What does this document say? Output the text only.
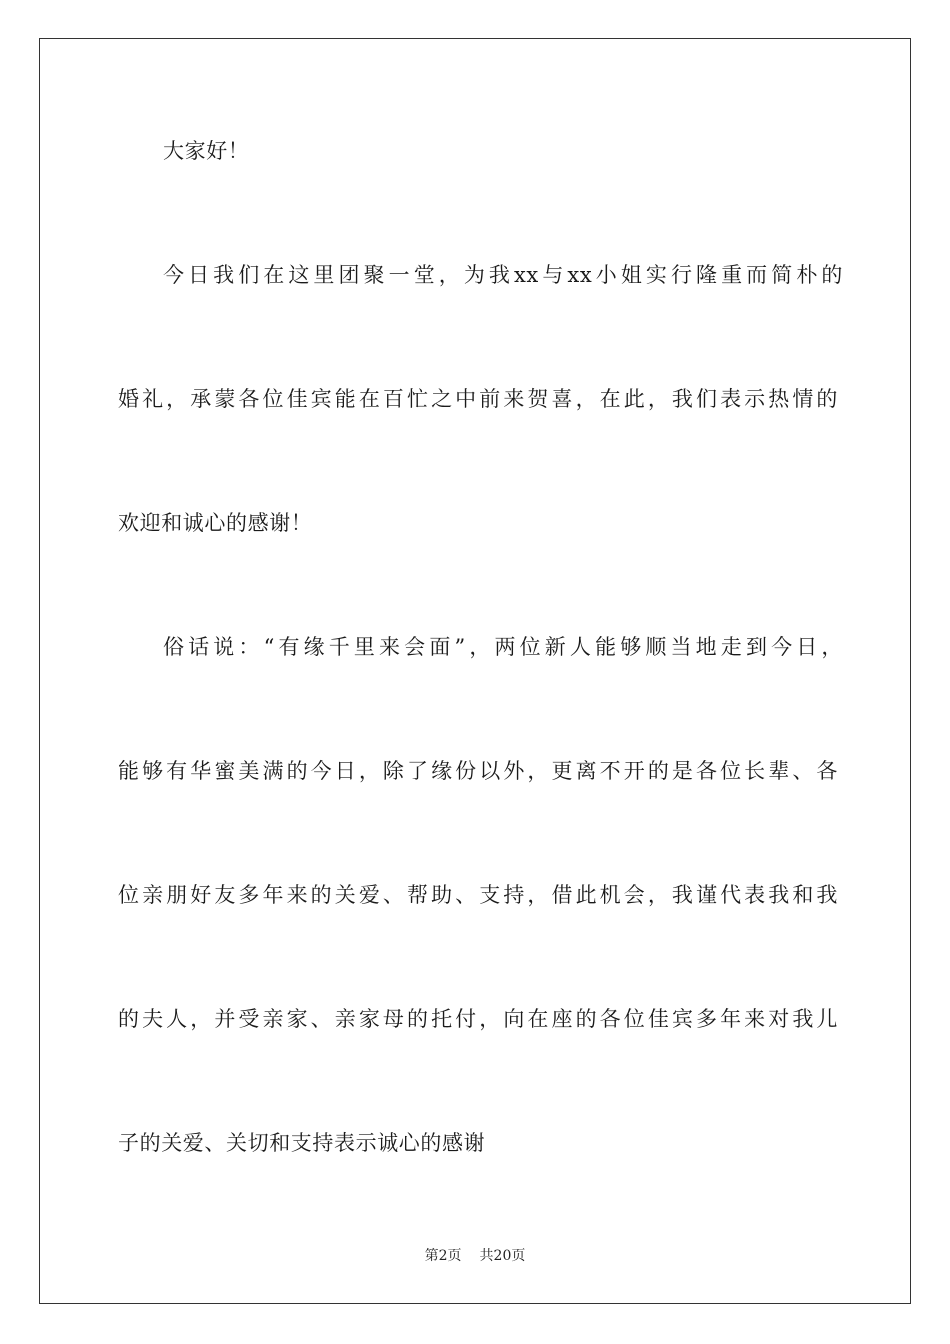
大家好！
今日我们在这里团聚一堂，为我xx与xx小姐实行隆重而简朴的
婚礼，承蒙各位佳宾能在百忙之中前来贺喜，在此，我们表示热情的
欢迎和诚心的感谢！
俗话说：“有缘千里来会面”，两位新人能够顺当地走到今日，
能够有华蜜美满的今日，除了缘份以外，更离不开的是各位长辈、各
位亲朋好友多年来的关爱、帮助、支持，借此机会，我谨代表我和我
的夫人，并受亲家、亲家母的托付，向在座的各位佳宾多年来对我儿
子的关爱、关切和支持表示诚心的感谢
第2页 共20页
